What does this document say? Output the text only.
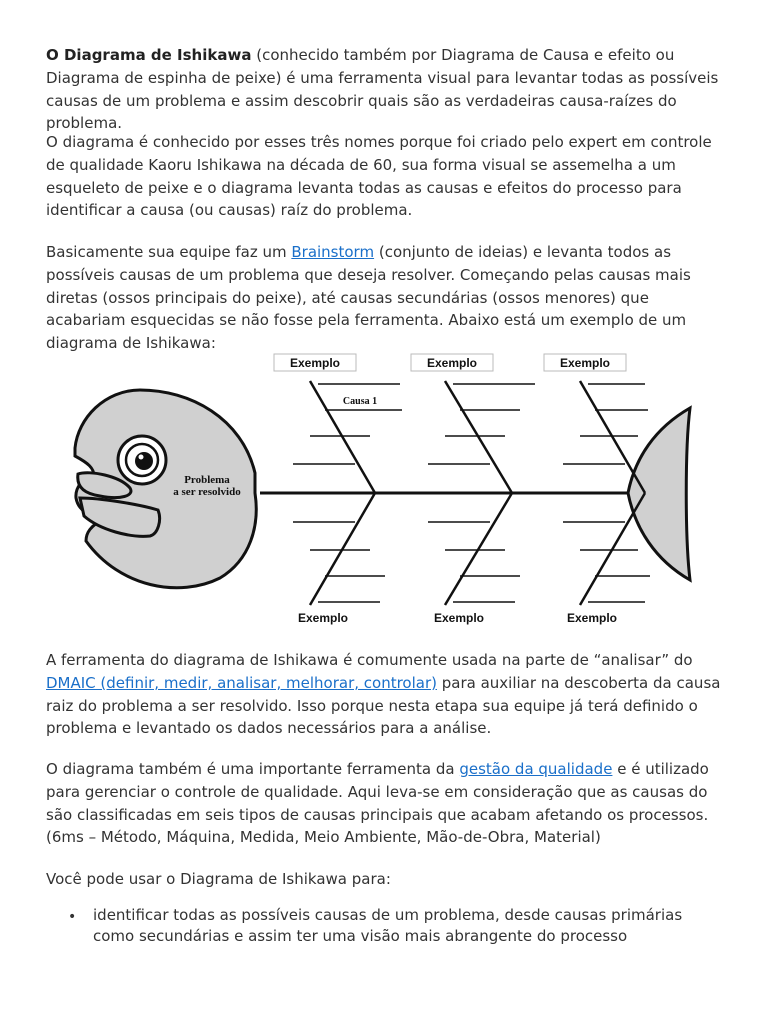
O Diagrama de Ishikawa (conhecido também por Diagrama de Causa e efeito ou Diagrama de espinha de peixe) é uma ferramenta visual para levantar todas as possíveis causas de um problema e assim descobrir quais são as verdadeiras causa-raízes do problema.

O diagrama é conhecido por esses três nomes porque foi criado pelo expert em controle de qualidade Kaoru Ishikawa na década de 60, sua forma visual se assemelha a um esqueleto de peixe e o diagrama levanta todas as causas e efeitos do processo para identificar a causa (ou causas) raíz do problema.

Basicamente sua equipe faz um Brainstorm (conjunto de ideias) e levanta todos as possíveis causas de um problema que deseja resolver. Começando pelas causas mais diretas (ossos principais do peixe), até causas secundárias (ossos menores) que acabariam esquecidas se não fosse pela ferramenta. Abaixo está um exemplo de um diagrama de Ishikawa:

Problema
a ser resolvido
Causa 1
Exemplo	Exemplo	Exemplo
Exemplo	Exemplo	Exemplo

A ferramenta do diagrama de Ishikawa é comumente usada na parte de “analisar” do DMAIC (definir, medir, analisar, melhorar, controlar) para auxiliar na descoberta da causa raiz do problema a ser resolvido. Isso porque nesta etapa sua equipe já terá definido o problema e levantado os dados necessários para a análise.

O diagrama também é uma importante ferramenta da gestão da qualidade e é utilizado para gerenciar o controle de qualidade. Aqui leva-se em consideração que as causas do são classificadas em seis tipos de causas principais que acabam afetando os processos. (6ms – Método, Máquina, Medida, Meio Ambiente, Mão-de-Obra, Material)

Você pode usar o Diagrama de Ishikawa para:

• identificar todas as possíveis causas de um problema, desde causas primárias como secundárias e assim ter uma visão mais abrangente do processo
